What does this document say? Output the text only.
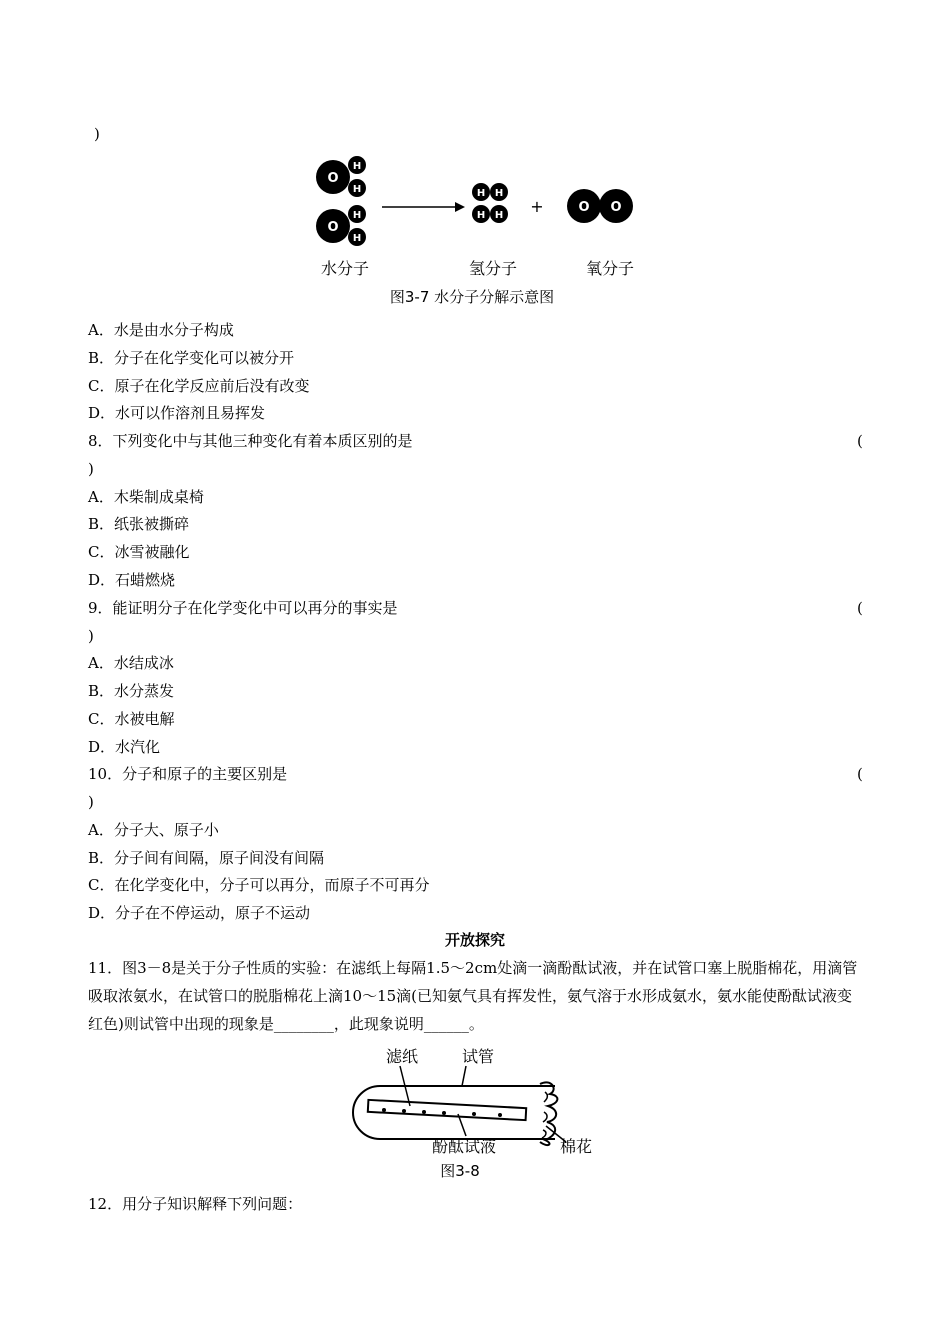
)
O
H
H
O
H
H
H H
H H +	O O
水分子	氢分子	氧分子
图3-7 水分子分解示意图
A．水是由水分子构成
B．分子在化学变化可以被分开
C．原子在化学反应前后没有改变
D．水可以作溶剂且易挥发
8．下列变化中与其他三种变化有着本质区别的是	(
)
A．木柴制成桌椅
B．纸张被撕碎
C．冰雪被融化
D．石蜡燃烧
9．能证明分子在化学变化中可以再分的事实是	(
)
A．水结成冰
B．水分蒸发
C．水被电解
D．水汽化
10．分子和原子的主要区别是	(
)
A．分子大、原子小
B．分子间有间隔，原子间没有间隔
C．在化学变化中，分子可以再分，而原子不可再分
D．分子在不停运动，原子不运动
开放探究
11．图3－8是关于分子性质的实验：在滤纸上每隔1.5～2cm处滴一滴酚酞试液，并在试管口塞上脱脂棉花，用滴管吸取浓氨水，在试管口的脱脂棉花上滴10～15滴(已知氨气具有挥发性，氨气溶于水形成氨水，氨水能使酚酞试液变红色)则试管中出现的现象是________，此现象说明______。
滤纸	试管
酚酞试液	棉花
图3-8
12．用分子知识解释下列问题：
